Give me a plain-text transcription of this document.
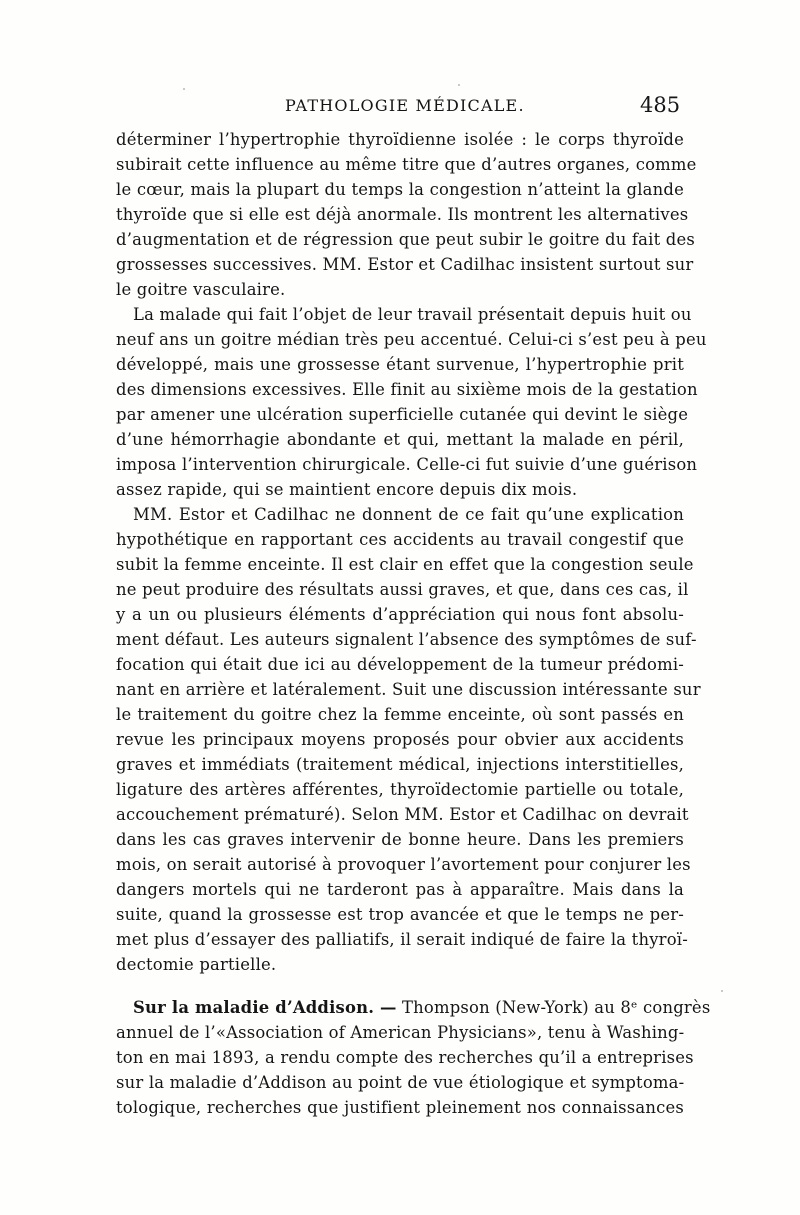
PATHOLOGIE MÉDICALE.	485
déterminer l’hypertrophie thyroïdienne isolée : le corps thyroïde
subirait cette influence au même titre que d’autres organes, comme
le cœur, mais la plupart du temps la congestion n’atteint la glande
thyroïde que si elle est déjà anormale. Ils montrent les alternatives
d’augmentation et de régression que peut subir le goitre du fait des
grossesses successives. MM. Estor et Cadilhac insistent surtout sur
le goitre vasculaire.
La malade qui fait l’objet de leur travail présentait depuis huit ou
neuf ans un goitre médian très peu accentué. Celui-ci s’est peu à peu
développé, mais une grossesse étant survenue, l’hypertrophie prit
des dimensions excessives. Elle finit au sixième mois de la gestation
par amener une ulcération superficielle cutanée qui devint le siège
d’une hémorrhagie abondante et qui, mettant la malade en péril,
imposa l’intervention chirurgicale. Celle-ci fut suivie d’une guérison
assez rapide, qui se maintient encore depuis dix mois.
MM. Estor et Cadilhac ne donnent de ce fait qu’une explication
hypothétique en rapportant ces accidents au travail congestif que
subit la femme enceinte. Il est clair en effet que la congestion seule
ne peut produire des résultats aussi graves, et que, dans ces cas, il
y a un ou plusieurs éléments d’appréciation qui nous font absolu-
ment défaut. Les auteurs signalent l’absence des symptômes de suf-
focation qui était due ici au développement de la tumeur prédomi-
nant en arrière et latéralement. Suit une discussion intéressante sur
le traitement du goitre chez la femme enceinte, où sont passés en
revue les principaux moyens proposés pour obvier aux accidents
graves et immédiats (traitement médical, injections interstitielles,
ligature des artères afférentes, thyroïdectomie partielle ou totale,
accouchement prématuré). Selon MM. Estor et Cadilhac on devrait
dans les cas graves intervenir de bonne heure. Dans les premiers
mois, on serait autorisé à provoquer l’avortement pour conjurer les
dangers mortels qui ne tarderont pas à apparaître. Mais dans la
suite, quand la grossesse est trop avancée et que le temps ne per-
met plus d’essayer des palliatifs, il serait indiqué de faire la thyroï-
dectomie partielle.
Sur la maladie d’Addison. — Thompson (New-York) au 8ᵉ congrès
annuel de l’«Association of American Physicians», tenu à Washing-
ton en mai 1893, a rendu compte des recherches qu’il a entreprises
sur la maladie d’Addison au point de vue étiologique et symptoma-
tologique, recherches que justifient pleinement nos connaissances
